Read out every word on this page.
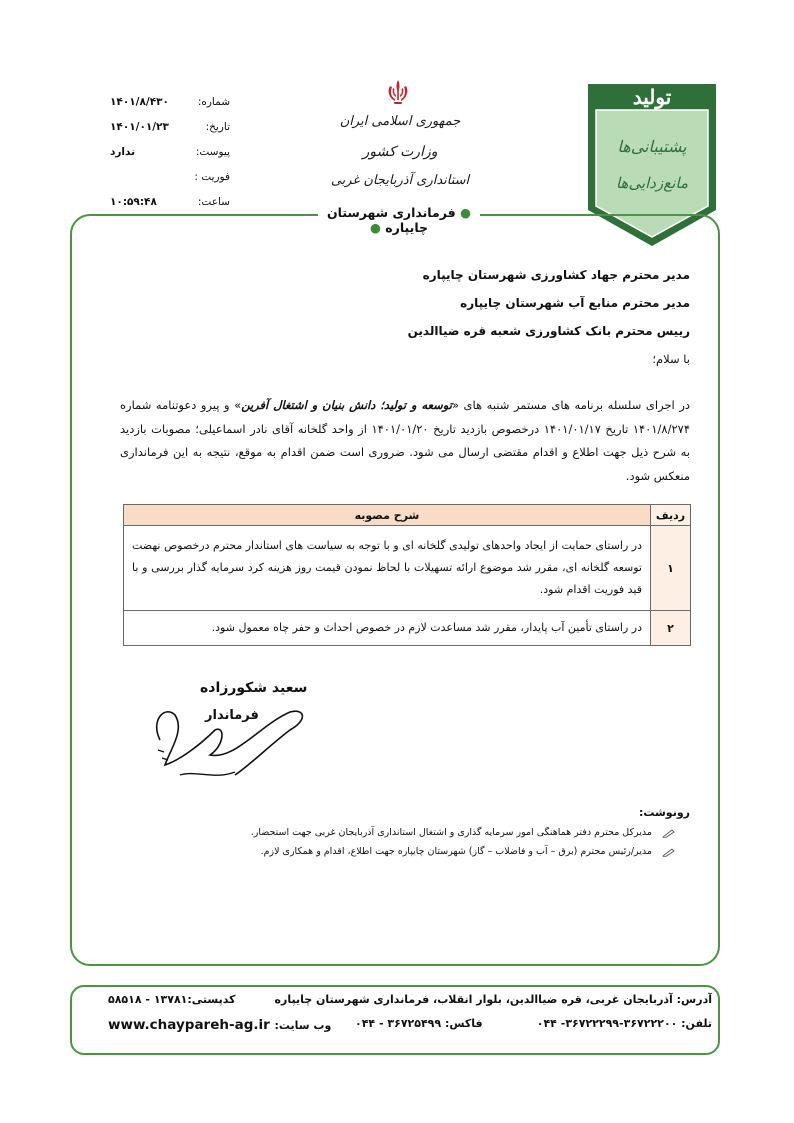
شماره:
۱۴۰۱/۸/۴۳۰
تاریخ:
۱۴۰۱/۰۱/۲۳
پیوست:
ندارد
فوریت :
ساعت:
۱۰:۵۹:۴۸
جمهوری اسلامی ایران
وزارت کشور
استانداری آذربایجان غربی
تولید
پشتیبانی‌ها
مانع‌زدایی‌ها
● فرمانداری شهرستان چایپاره ●
مدیر محترم جهاد کشاورزی شهرستان چایپاره
مدیر محترم منابع آب شهرستان چایپاره
رییس محترم بانک کشاورزی شعبه قره ضیاالدین
با سلام؛
در اجرای سلسله برنامه های مستمر شنبه های «توسعه و تولید؛ دانش بنیان و اشتغال آفرین» و پیرو دعوتنامه شماره ۱۴۰۱/۸/۲۷۴ تاریخ ۱۴۰۱/۰۱/۱۷ درخصوص بازدید تاریخ ۱۴۰۱/۰۱/۲۰ از واحد گلخانه آقای نادر اسماعیلی؛ مصوبات بازدید به شرح ذیل جهت اطلاع و اقدام مقتضی ارسال می شود. ضروری است ضمن اقدام به موقع، نتیجه به این فرمانداری منعکس شود.
ردیف	شرح مصوبه
۱	در راستای حمایت از ایجاد واحدهای تولیدی گلخانه ای و با توجه به سیاست های استاندار محترم درخصوص نهضت توسعه گلخانه ای، مقرر شد موضوع ارائه تسهیلات با لحاظ نمودن قیمت روز هزینه کرد سرمایه گذار بررسی و با قید فوریت اقدام شود.
۲	در راستای تأمین آب پایدار، مقرر شد مساعدت لازم در خصوص احداث و حفر چاه معمول شود.
سعید شکورزاده
فرماندار
رونوشت:
مدیرکل محترم دفتر هماهنگی امور سرمایه گذاری و اشتغال استانداری آذربایجان غربی جهت استحضار.
مدیر/رئیس محترم (برق – آب و فاضلاب – گاز) شهرستان چایپاره جهت اطلاع، اقدام و همکاری لازم.
آدرس: آذربایجان غربی، قره ضیاالدین، بلوار انقلاب، فرمانداری شهرستان چایپاره
کدپستی:۱۳۷۸۱ - ۵۸۵۱۸
تلفن: ۳۶۷۲۲۲۰۰-۳۶۷۲۲۲۹۹- ۰۴۴
فاکس: ۳۶۷۲۵۴۹۹ - ۰۴۴
وب سایت: www.chaypareh-ag.ir
